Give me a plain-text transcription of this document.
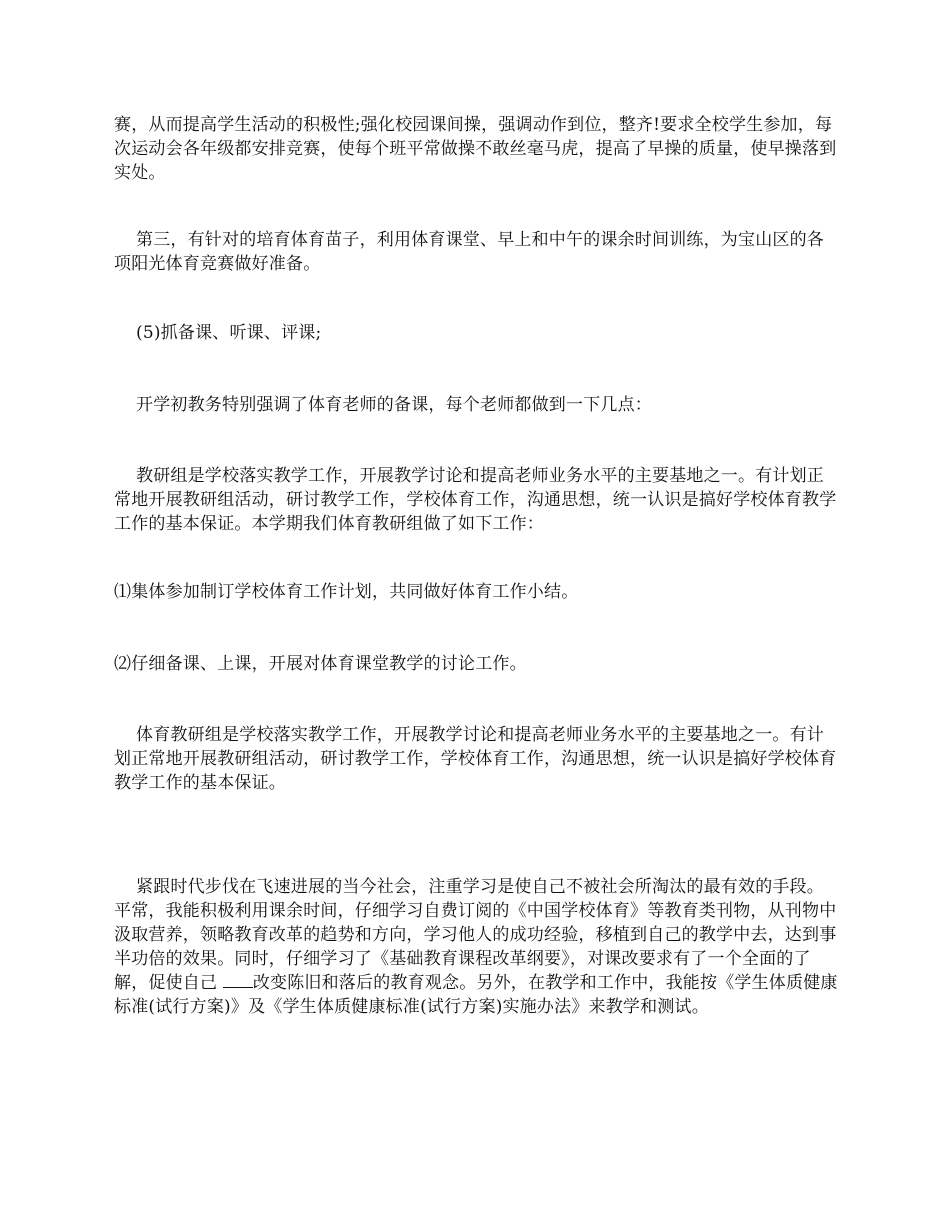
赛，从而提高学生活动的积极性;强化校园课间操，强调动作到位，整齐!要求全校学生参加，每次运动会各年级都安排竞赛，使每个班平常做操不敢丝毫马虎，提高了早操的质量，使早操落到实处。

第三，有针对的培育体育苗子，利用体育课堂、早上和中午的课余时间训练，为宝山区的各项阳光体育竞赛做好准备。

(5)抓备课、听课、评课;

开学初教务特别强调了体育老师的备课，每个老师都做到一下几点：

教研组是学校落实教学工作，开展教学讨论和提高老师业务水平的主要基地之一。有计划正常地开展教研组活动，研讨教学工作，学校体育工作，沟通思想，统一认识是搞好学校体育教学工作的基本保证。本学期我们体育教研组做了如下工作：

⑴集体参加制订学校体育工作计划，共同做好体育工作小结。

⑵仔细备课、上课，开展对体育课堂教学的讨论工作。

体育教研组是学校落实教学工作，开展教学讨论和提高老师业务水平的主要基地之一。有计划正常地开展教研组活动，研讨教学工作，学校体育工作，沟通思想，统一认识是搞好学校体育教学工作的基本保证。

紧跟时代步伐在飞速进展的当今社会，注重学习是使自己不被社会所淘汰的最有效的手段。平常，我能积极利用课余时间，仔细学习自费订阅的《中国学校体育》等教育类刊物，从刊物中汲取营养，领略教育改革的趋势和方向，学习他人的成功经验，移植到自己的教学中去，达到事半功倍的效果。同时，仔细学习了《基础教育课程改革纲要》，对课改要求有了一个全面的了解，促使自己 改变陈旧和落后的教育观念。另外，在教学和工作中，我能按《学生体质健康标准(试行方案)》及《学生体质健康标准(试行方案)实施办法》来教学和测试。
